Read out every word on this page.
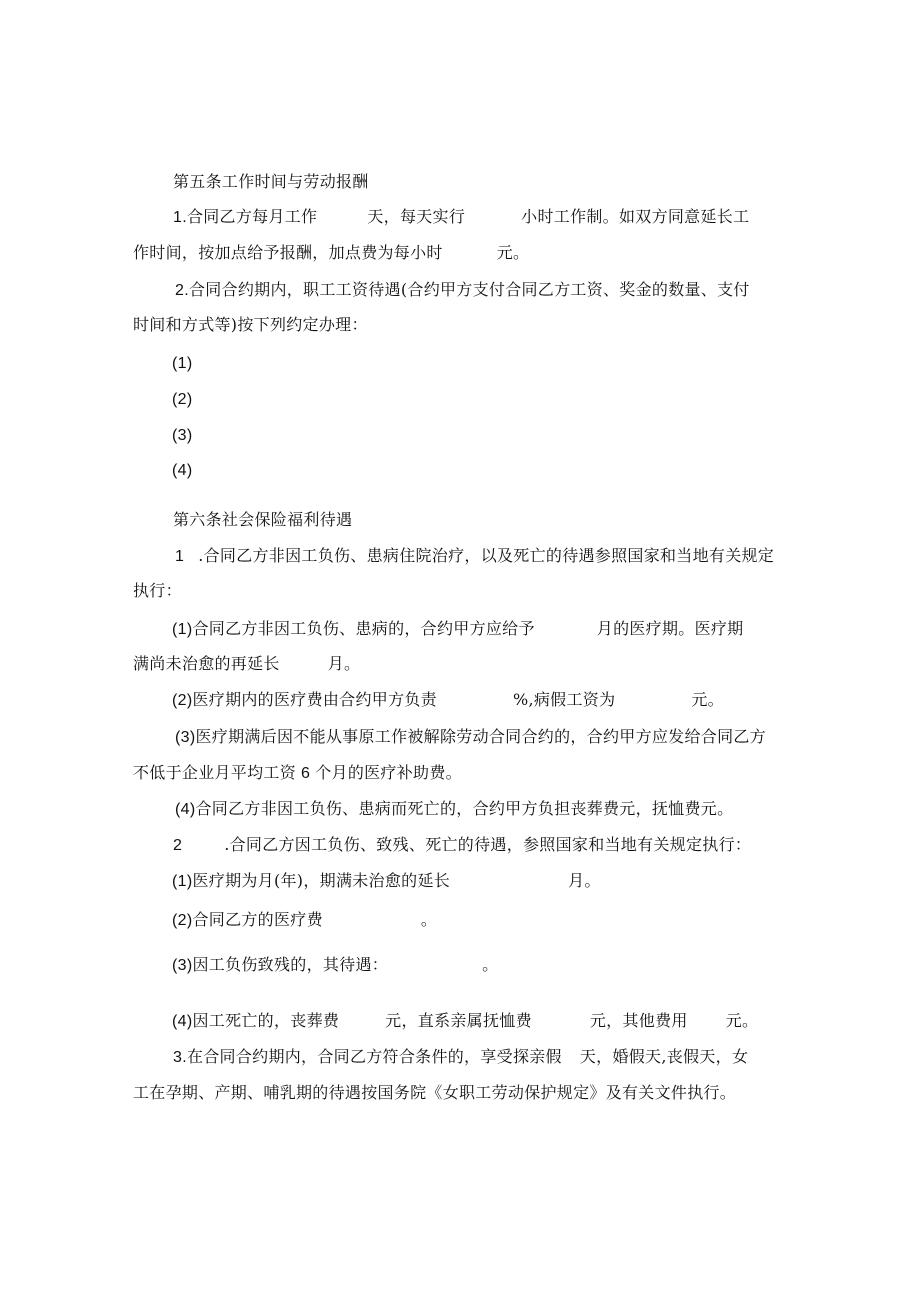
第五条工作时间与劳动报酬
1.合同乙方每月工作	天，每天实行	小时工作制。如双方同意延长工
作时间，按加点给予报酬，加点费为每小时	元。
2.合同合约期内，职工工资待遇(合约甲方支付合同乙方工资、奖金的数量、支付
时间和方式等)按下列约定办理：
(1)
(2)
(3)
(4)
第六条社会保险福利待遇
1 .合同乙方非因工负伤、患病住院治疗，以及死亡的待遇参照国家和当地有关规定
执行：
(1)合同乙方非因工负伤、患病的，合约甲方应给予	月的医疗期。医疗期
满尚未治愈的再延长	月。
(2)医疗期内的医疗费由合约甲方负责	%,病假工资为	元。
(3)医疗期满后因不能从事原工作被解除劳动合同合约的，合约甲方应发给合同乙方
不低于企业月平均工资 6 个月的医疗补助费。
(4)合同乙方非因工负伤、患病而死亡的，合约甲方负担丧葬费元，抚恤费元。
2	.合同乙方因工负伤、致残、死亡的待遇，参照国家和当地有关规定执行：
(1)医疗期为月(年)，期满未治愈的延长	月。
(2)合同乙方的医疗费	。
(3)因工负伤致残的，其待遇：	。
(4)因工死亡的，丧葬费	元，直系亲属抚恤费	元，其他费用 元。
3.在合同合约期内，合同乙方符合条件的，享受探亲假 天，婚假天,丧假天，女
工在孕期、产期、哺乳期的待遇按国务院《女职工劳动保护规定》及有关文件执行。
